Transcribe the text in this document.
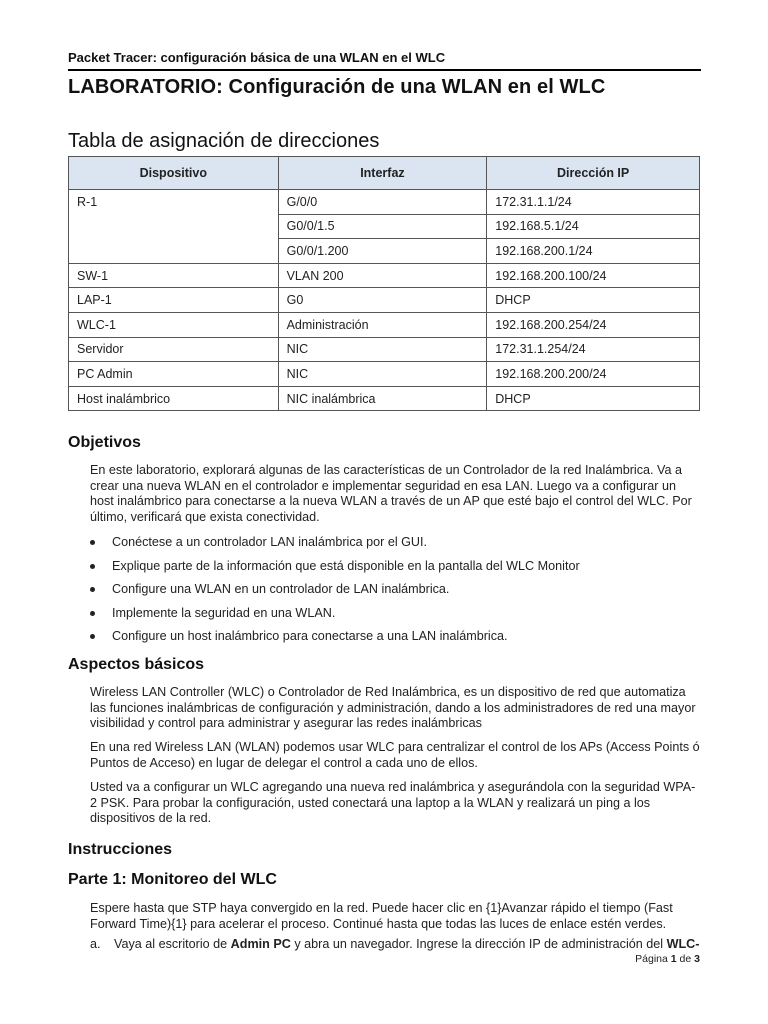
Packet Tracer: configuración básica de una WLAN en el WLC
LABORATORIO: Configuración de una WLAN en el WLC
Tabla de asignación de direcciones
Dispositivo	Interfaz	Dirección IP
R-1	G/0/0	172.31.1.1/24
	G0/0/1.5	192.168.5.1/24
	G0/0/1.200	192.168.200.1/24
SW-1	VLAN 200	192.168.200.100/24
LAP-1	G0	DHCP
WLC-1	Administración	192.168.200.254/24
Servidor	NIC	172.31.1.254/24
PC Admin	NIC	192.168.200.200/24
Host inalámbrico	NIC inalámbrica	DHCP
Objetivos

En este laboratorio, explorará algunas de las características de un Controlador de la red Inalámbrica. Va a crear una nueva WLAN en el controlador e implementar seguridad en esa LAN. Luego va a configurar un host inalámbrico para conectarse a la nueva WLAN a través de un AP que esté bajo el control del WLC. Por último, verificará que exista conectividad.

Conéctese a un controlador LAN inalámbrica por el GUI.
Explique parte de la información que está disponible en la pantalla del WLC Monitor
Configure una WLAN en un controlador de LAN inalámbrica.
Implemente la seguridad en una WLAN.
Configure un host inalámbrico para conectarse a una LAN inalámbrica.
Aspectos básicos

Wireless LAN Controller (WLC) o Controlador de Red Inalámbrica, es un dispositivo de red que automatiza las funciones inalámbricas de configuración y administración, dando a los administradores de red una mayor visibilidad y control para administrar y asegurar las redes inalámbricas

En una red Wireless LAN (WLAN) podemos usar WLC para centralizar el control de los APs (Access Points ó Puntos de Acceso) en lugar de delegar el control a cada uno de ellos.

Usted va a configurar un WLC agregando una nueva red inalámbrica y asegurándola con la seguridad WPA-2 PSK. Para probar la configuración, usted conectará una laptop a la WLAN y realizará un ping a los dispositivos de la red.

Instrucciones
Parte 1: Monitoreo del WLC

Espere hasta que STP haya convergido en la red. Puede hacer clic en {1}Avanzar rápido el tiempo (Fast Forward Time){1} para acelerar el proceso. Continué hasta que todas las luces de enlace estén verdes.

a. Vaya al escritorio de Admin PC y abra un navegador. Ingrese la dirección IP de administración del WLC-

Página 1 de 3
